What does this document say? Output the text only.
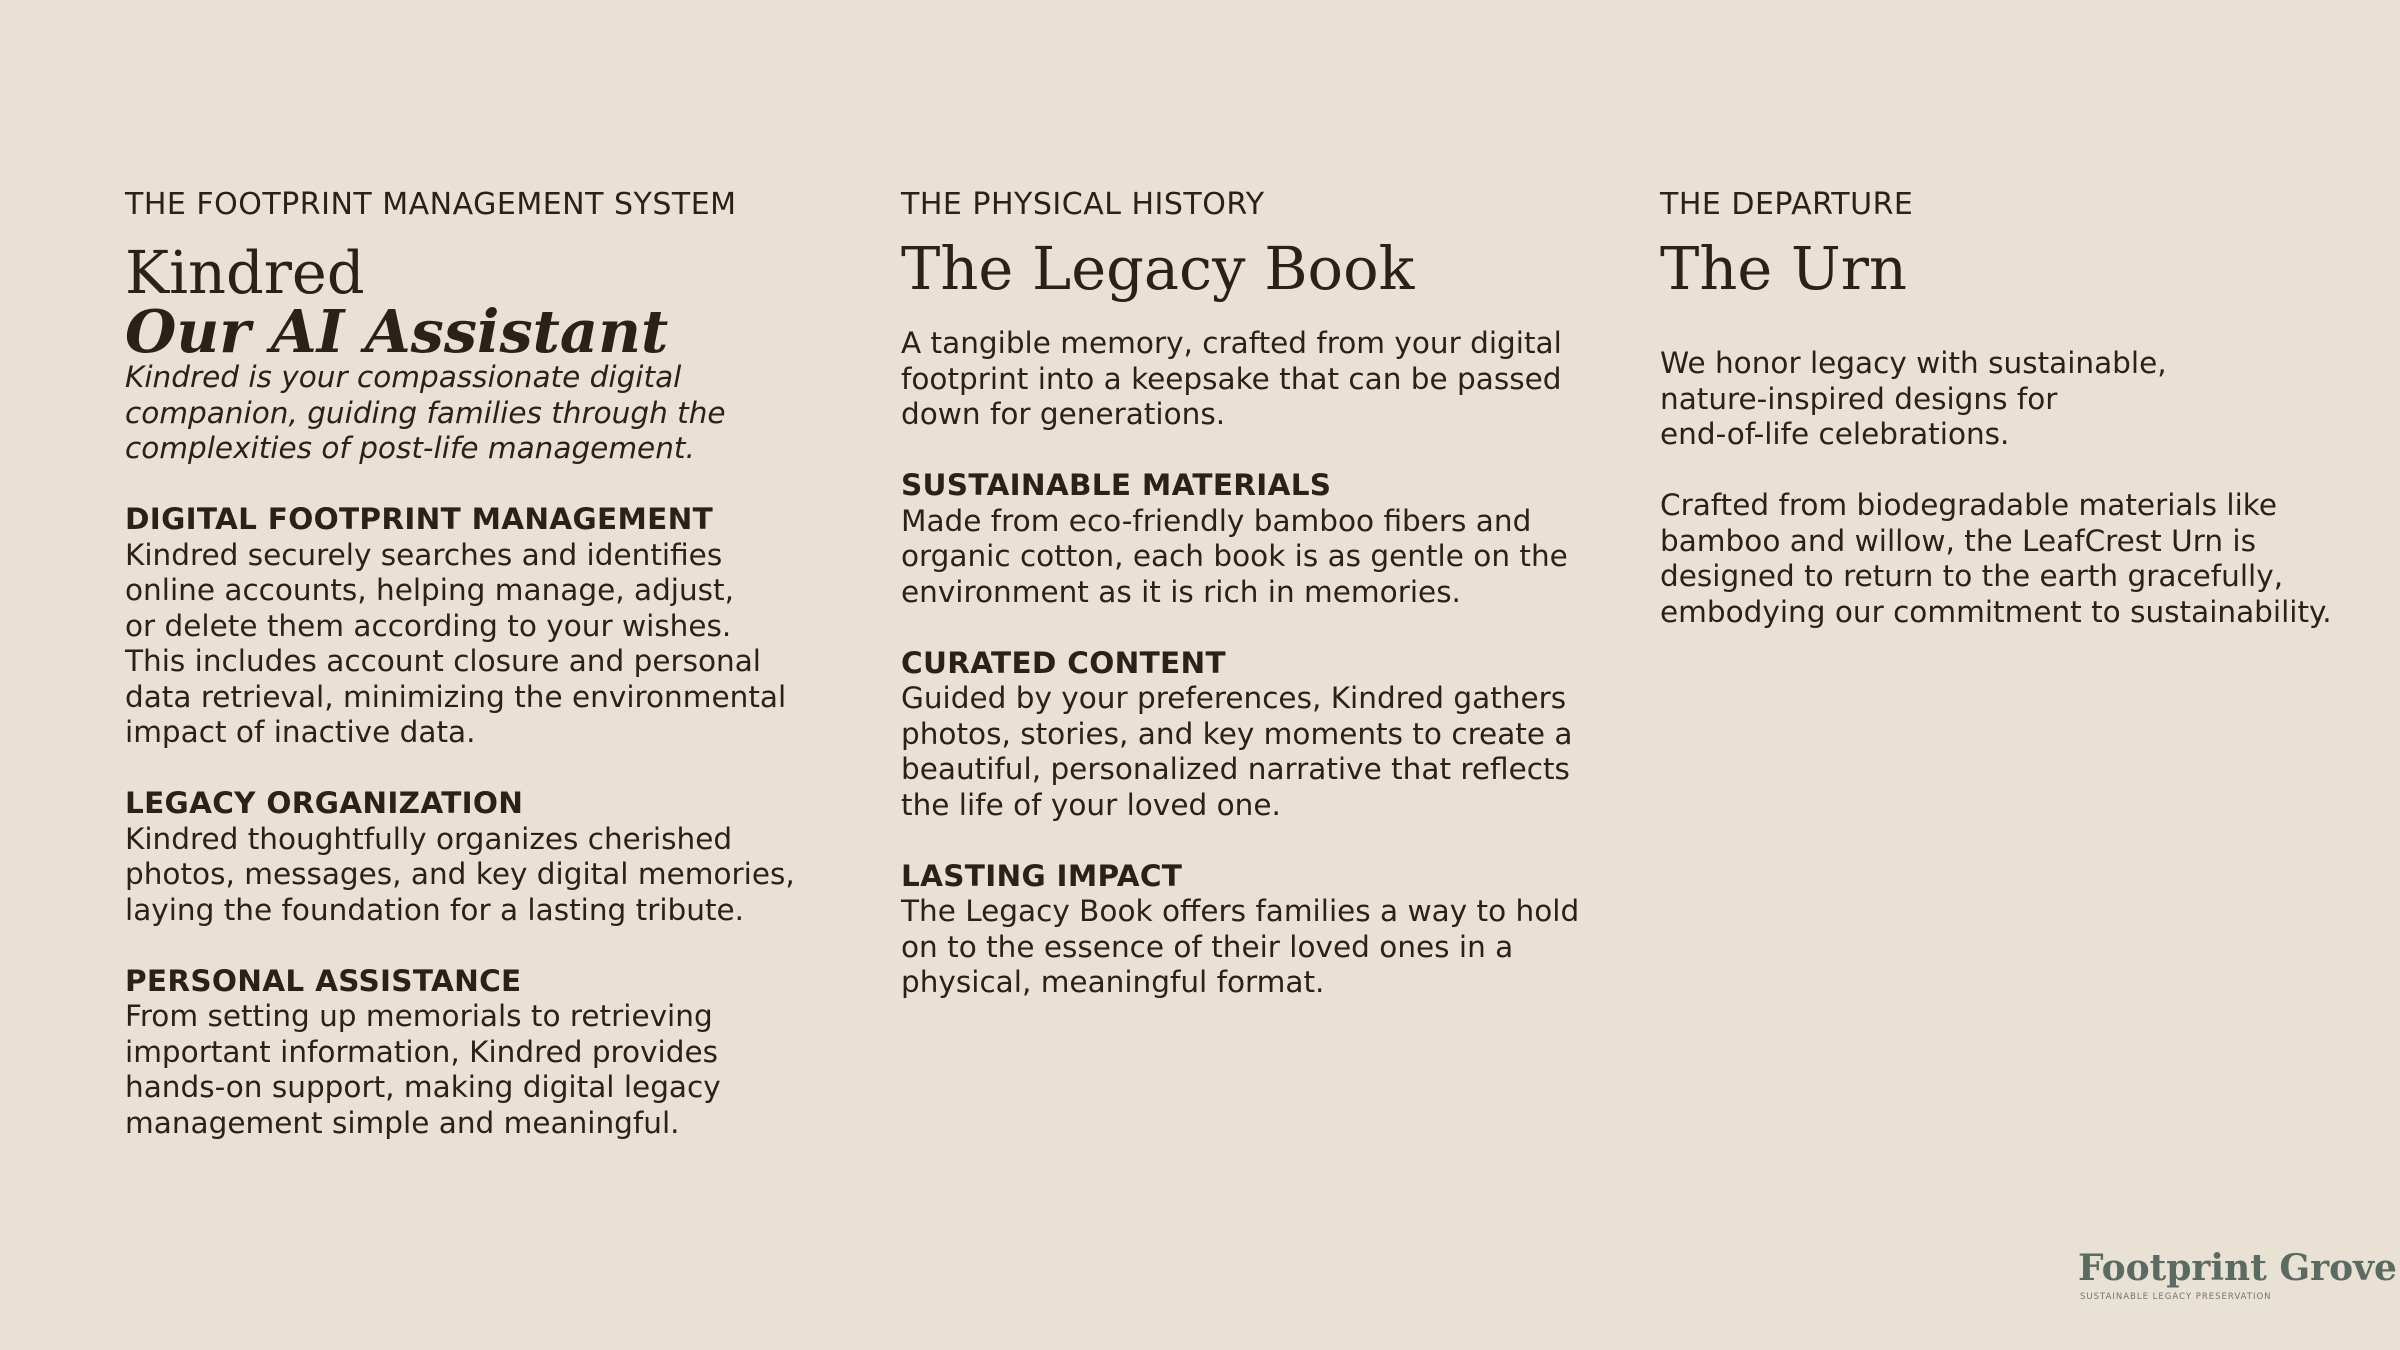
THE FOOTPRINT MANAGEMENT SYSTEM

Kindred
Our AI Assistant

Kindred is your compassionate digital
companion, guiding families through the
complexities of post-life management.

DIGITAL FOOTPRINT MANAGEMENT

Kindred securely searches and identifies
online accounts, helping manage, adjust,
or delete them according to your wishes.
This includes account closure and personal
data retrieval, minimizing the environmental
impact of inactive data.

LEGACY ORGANIZATION

Kindred thoughtfully organizes cherished
photos, messages, and key digital memories,
laying the foundation for a lasting tribute.

PERSONAL ASSISTANCE

From setting up memorials to retrieving
important information, Kindred provides
hands-on support, making digital legacy
management simple and meaningful.

THE PHYSICAL HISTORY

The Legacy Book

A tangible memory, crafted from your digital
footprint into a keepsake that can be passed
down for generations.

SUSTAINABLE MATERIALS

Made from eco-friendly bamboo fibers and
organic cotton, each book is as gentle on the
environment as it is rich in memories.

CURATED CONTENT

Guided by your preferences, Kindred gathers
photos, stories, and key moments to create a
beautiful, personalized narrative that reflects
the life of your loved one.

LASTING IMPACT

The Legacy Book offers families a way to hold
on to the essence of their loved ones in a
physical, meaningful format.

THE DEPARTURE

The Urn

We honor legacy with sustainable,
nature-inspired designs for
end-of-life celebrations.

Crafted from biodegradable materials like
bamboo and willow, the LeafCrest Urn is
designed to return to the earth gracefully,
embodying our commitment to sustainability.

Footprint Grove

SUSTAINABLE LEGACY PRESERVATION
